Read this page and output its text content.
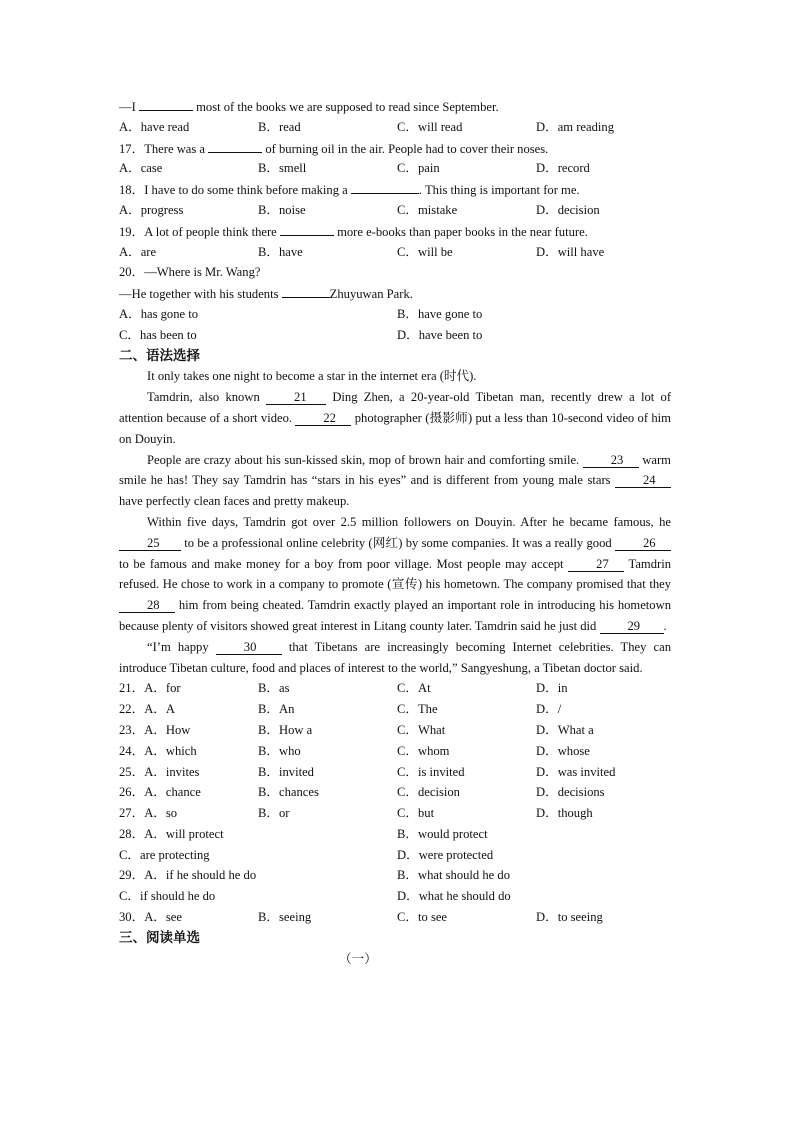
—I	most of the books we are supposed to read since September.
A．have read	B．read	C．will read	D．am reading
17．There was a	of burning oil in the air. People had to cover their noses.
A．case	B．smell	C．pain	D．record
18．I have to do some think before making a	. This thing is important for me.
A．progress	B．noise	C．mistake	D．decision
19．A lot of people think there	more e-books than paper books in the near future.
A．are	B．have	C．will be	D．will have
20．—Where is Mr. Wang?
—He together with his students	Zhuyuwan Park.
A．has gone to	B．have gone to
C．has been to	D．have been to
二、语法选择
It only takes one night to become a star in the internet era (时代).
Tamdrin, also known	21 Ding Zhen, a 20-year-old Tibetan man, recently drew a lot of attention because of a short video. 22 photographer (摄影师) put a less than 10-second video of him on Douyin.
People are crazy about his sun-kissed skin, mop of brown hair and comforting smile.	23 warm smile he has! They say Tamdrin has “stars in his eyes” and is different from young male stars	24 have perfectly clean faces and pretty makeup.
Within five days, Tamdrin got over 2.5 million followers on Douyin. After he became famous, he 25 to be a professional online celebrity (网红) by some companies. It was a really good 26 to be famous and make money for a boy from poor village. Most people may accept	27 Tamdrin refused. He chose to work in a company to promote (宣传) his hometown. The company promised that they 28 him from being cheated. Tamdrin exactly played an important role in introducing his hometown because plenty of visitors showed great interest in Litang county later. Tamdrin said he just did 29 .
“I’m happy	30	that Tibetans are increasingly becoming Internet celebrities. They can introduce Tibetan culture, food and places of interest to the world,” Sangyeshung, a Tibetan doctor said.
21．A．for	B．as	C．At	D．in
22．A．A	B．An	C．The	D．/
23．A．How	B．How a	C．What	D．What a
24．A．which	B．who	C．whom	D．whose
25．A．invites	B．invited	C．is invited	D．was invited
26．A．chance	B．chances	C．decision	D．decisions
27．A．so	B．or	C．but	D．though
28．A．will protect	B．would protect
C．are protecting	D．were protected
29．A．if he should he do	B．what should he do
C．if should he do	D．what he should do
30．A．see	B．seeing	C．to see	D．to seeing
三、阅读单选
（一）
